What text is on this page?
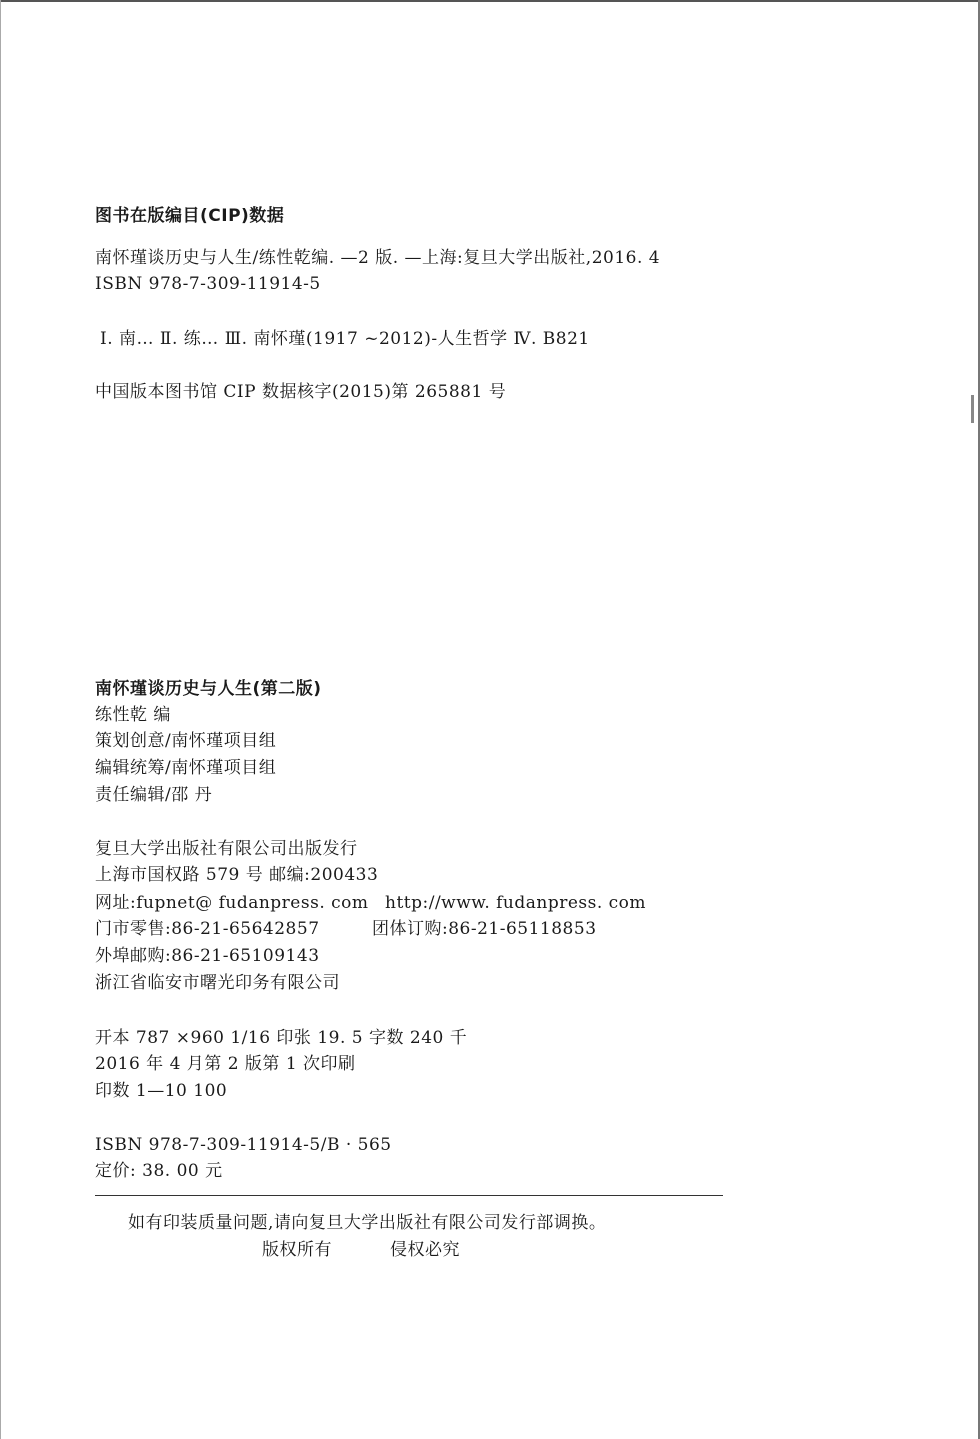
图书在版编目(CIP)数据
南怀瑾谈历史与人生/练性乾编. —2 版. —上海:复旦大学出版社,2016. 4
ISBN 978-7-309-11914-5
Ⅰ. 南… Ⅱ. 练… Ⅲ. 南怀瑾(1917 ~2012)-人生哲学 Ⅳ. B821
中国版本图书馆 CIP 数据核字(2015)第 265881 号
南怀瑾谈历史与人生(第二版)
练性乾 编
策划创意/南怀瑾项目组
编辑统筹/南怀瑾项目组
责任编辑/邵 丹
复旦大学出版社有限公司出版发行
上海市国权路 579 号 邮编:200433
网址:fupnet@ fudanpress. com http://www. fudanpress. com
门市零售:86-21-65642857	团体订购:86-21-65118853
外埠邮购:86-21-65109143
浙江省临安市曙光印务有限公司
开本 787 ×960 1/16 印张 19. 5 字数 240 千
2016 年 4 月第 2 版第 1 次印刷
印数 1—10 100
ISBN 978-7-309-11914-5/B · 565
定价: 38. 00 元
如有印装质量问题,请向复旦大学出版社有限公司发行部调换。
版权所有	侵权必究
